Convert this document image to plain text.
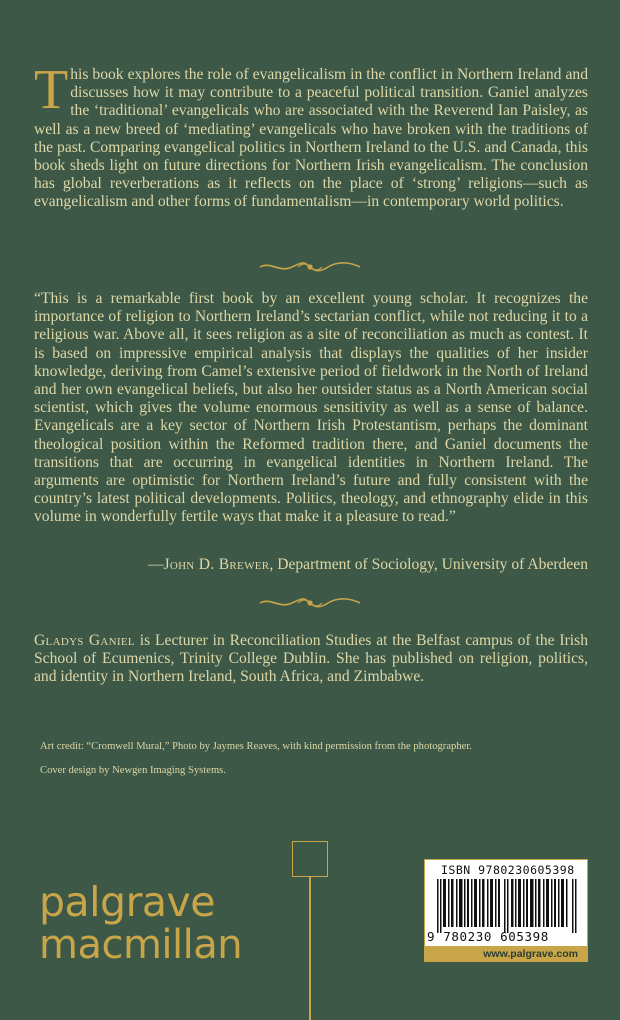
This book explores the role of evangelicalism in the conflict in Northern Ireland and discusses how it may contribute to a peaceful political transition. Ganiel analyzes the ‘traditional’ evangelicals who are associated with the Reverend Ian Paisley, as well as a new breed of ‘mediating’ evangelicals who have broken with the traditions of the past. Comparing evangelical politics in Northern Ireland to the U.S. and Canada, this book sheds light on future directions for Northern Irish evangelicalism. The conclusion has global reverberations as it reflects on the place of ‘strong’ religions—such as evangelicalism and other forms of fundamentalism—in contemporary world politics.

“This is a remarkable first book by an excellent young scholar. It recognizes the importance of religion to Northern Ireland’s sectarian conflict, while not reducing it to a religious war. Above all, it sees religion as a site of reconciliation as much as contest. It is based on impressive empirical analysis that displays the qualities of her insider knowledge, deriving from Camel’s extensive period of fieldwork in the North of Ireland and her own evangelical beliefs, but also her outsider status as a North American social scientist, which gives the volume enormous sensitivity as well as a sense of balance. Evangelicals are a key sector of Northern Irish Protestantism, perhaps the dominant theological position within the Reformed tradition there, and Ganiel documents the transitions that are occurring in evangelical identities in Northern Ireland. The arguments are optimistic for Northern Ireland’s future and fully consistent with the country’s latest political developments. Politics, theology, and ethnography elide in this volume in wonderfully fertile ways that make it a pleasure to read.”

—John D. Brewer, Department of Sociology, University of Aberdeen

Gladys Ganiel is Lecturer in Reconciliation Studies at the Belfast campus of the Irish School of Ecumenics, Trinity College Dublin. She has published on religion, politics, and identity in Northern Ireland, South Africa, and Zimbabwe.

Art credit: “Cromwell Mural,” Photo by Jaymes Reaves, with kind permission from the photographer.
Cover design by Newgen Imaging Systems.
palgrave
macmillan
ISBN 9780230605398
9 780230 605398
www.palgrave.com
